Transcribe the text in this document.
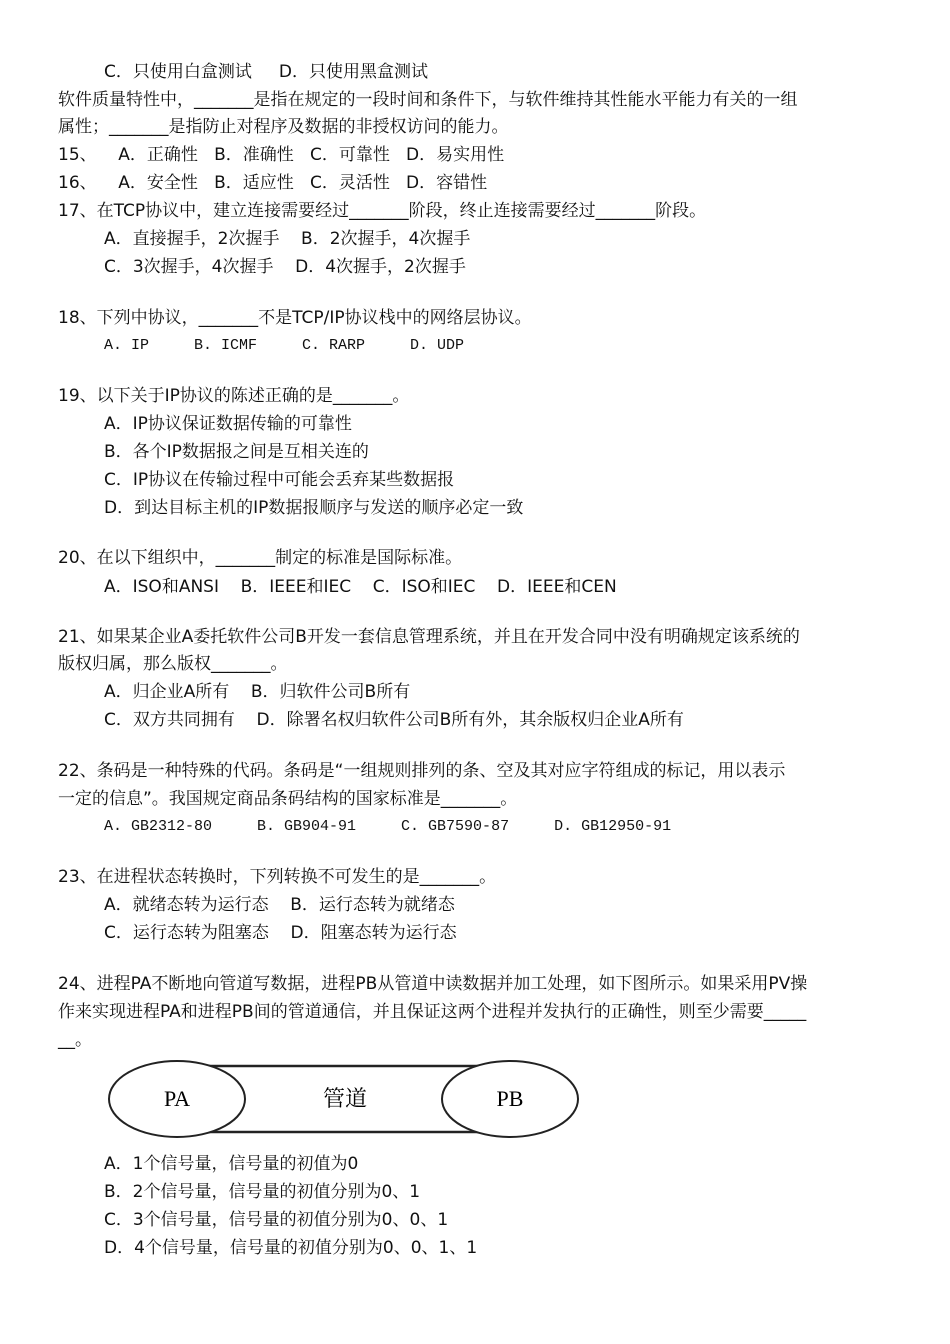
C．只使用白盒测试     D．只使用黑盒测试
软件质量特性中，_______是指在规定的一段时间和条件下，与软件维持其性能水平能力有关的一组
属性；_______是指防止对程序及数据的非授权访问的能力。
15、    A．正确性   B．准确性   C．可靠性   D．易实用性
16、    A．安全性   B．适应性   C．灵活性   D．容错性
17、在TCP协议中，建立连接需要经过_______阶段，终止连接需要经过_______阶段。
A．直接握手，2次握手    B．2次握手，4次握手
C．3次握手，4次握手    D．4次握手，2次握手
18、下列中协议，_______不是TCP/IP协议栈中的网络层协议。
A. IP     B. ICMF     C. RARP     D. UDP
19、以下关于IP协议的陈述正确的是_______。
A．IP协议保证数据传输的可靠性
B．各个IP数据报之间是互相关连的
C．IP协议在传输过程中可能会丢弃某些数据报
D．到达目标主机的IP数据报顺序与发送的顺序必定一致
20、在以下组织中，_______制定的标准是国际标准。
A．ISO和ANSI    B．IEEE和IEC    C．ISO和IEC    D．IEEE和CEN
21、如果某企业A委托软件公司B开发一套信息管理系统，并且在开发合同中没有明确规定该系统的
版权归属，那么版权_______。
A．归企业A所有    B．归软件公司B所有
C．双方共同拥有    D．除署名权归软件公司B所有外，其余版权归企业A所有
22、条码是一种特殊的代码。条码是“一组规则排列的条、空及其对应字符组成的标记，用以表示
一定的信息”。我国规定商品条码结构的国家标准是_______。
A. GB2312-80     B. GB904-91     C. GB7590-87     D. GB12950-91
23、在进程状态转换时，下列转换不可发生的是_______。
A．就绪态转为运行态    B．运行态转为就绪态
C．运行态转为阻塞态    D．阻塞态转为运行态
24、进程PA不断地向管道写数据，进程PB从管道中读数据并加工处理，如下图所示。如果采用PV操
作来实现进程PA和进程PB间的管道通信，并且保证这两个进程并发执行的正确性，则至少需要_____
__。
PA	管道	PB
A．1个信号量，信号量的初值为0
B．2个信号量，信号量的初值分别为0、1
C．3个信号量，信号量的初值分别为0、0、1
D．4个信号量，信号量的初值分别为0、0、1、1
